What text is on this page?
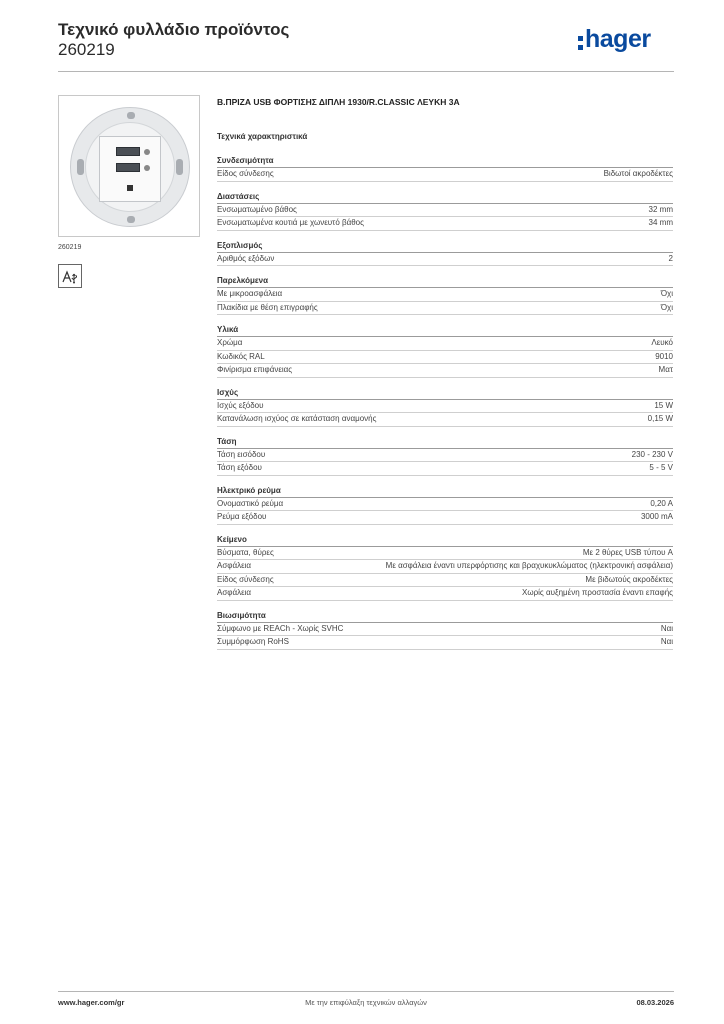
Τεχνικό φυλλάδιο προϊόντος
260219	hager
260219
Β.ΠΡΙΖΑ USB ΦΟΡΤΙΣΗΣ ΔΙΠΛΗ 1930/R.CLASSIC ΛΕΥΚΗ 3A
Τεχνικά χαρακτηριστικά
Συνδεσιμότητα
Είδος σύνδεσης	Βιδωτοί ακροδέκτες
Διαστάσεις
Ενσωματωμένο βάθος	32 mm
Ενσωματωμένα κουτιά με χωνευτό βάθος	34 mm
Εξοπλισμός
Αριθμός εξόδων	2
Παρελκόμενα
Με μικροασφάλεια	Όχι
Πλακίδια με θέση επιγραφής	Όχι
Υλικά
Χρώμα	Λευκό
Κωδικός RAL	9010
Φινίρισμα επιφάνειας	Ματ
Ισχύς
Ισχύς εξόδου	15 W
Κατανάλωση ισχύος σε κατάσταση αναμονής	0,15 W
Τάση
Τάση εισόδου	230 - 230 V
Τάση εξόδου	5 - 5 V
Ηλεκτρικό ρεύμα
Ονομαστικό ρεύμα	0,20 A
Ρεύμα εξόδου	3000 mA
Κείμενο
Βύσματα, θύρες	Με 2 θύρες USB τύπου A
Ασφάλεια	Με ασφάλεια έναντι υπερφόρτισης και βραχυκυκλώματος (ηλεκτρονική ασφάλεια)
Είδος σύνδεσης	Με βιδωτούς ακροδέκτες
Ασφάλεια	Χωρίς αυξημένη προστασία έναντι επαφής
Βιωσιμότητα
Σύμφωνο με REACh - Χωρίς SVHC	Ναι
Συμμόρφωση RoHS	Ναι
www.hager.com/gr	Με την επιφύλαξη τεχνικών αλλαγών	08.03.2026
